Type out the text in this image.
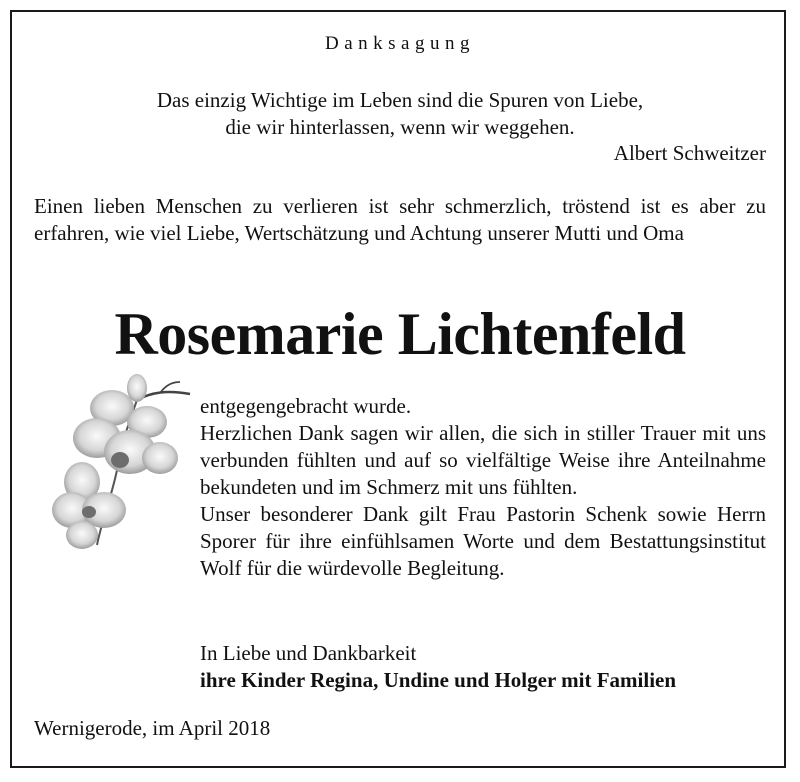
Danksagung
Das einzig Wichtige im Leben sind die Spuren von Liebe,
die wir hinterlassen, wenn wir weggehen.
Albert Schweitzer
Einen lieben Menschen zu verlieren ist sehr schmerzlich, tröstend ist es aber zu erfahren, wie viel Liebe, Wertschätzung und Achtung unserer Mutti und Oma
Rosemarie Lichtenfeld

entgegengebracht wurde.

Herzlichen Dank sagen wir allen, die sich in stiller Trauer mit uns verbunden fühlten und auf so vielfältige Weise ihre Anteilnahme bekundeten und im Schmerz mit uns fühlten.

Unser besonderer Dank gilt Frau Pastorin Schenk sowie Herrn Sporer für ihre einfühlsamen Worte und dem Bestattungsinstitut Wolf für die würdevolle Begleitung.

In Liebe und Dankbarkeit
ihre Kinder Regina, Undine und Holger mit Familien
Wernigerode, im April 2018
